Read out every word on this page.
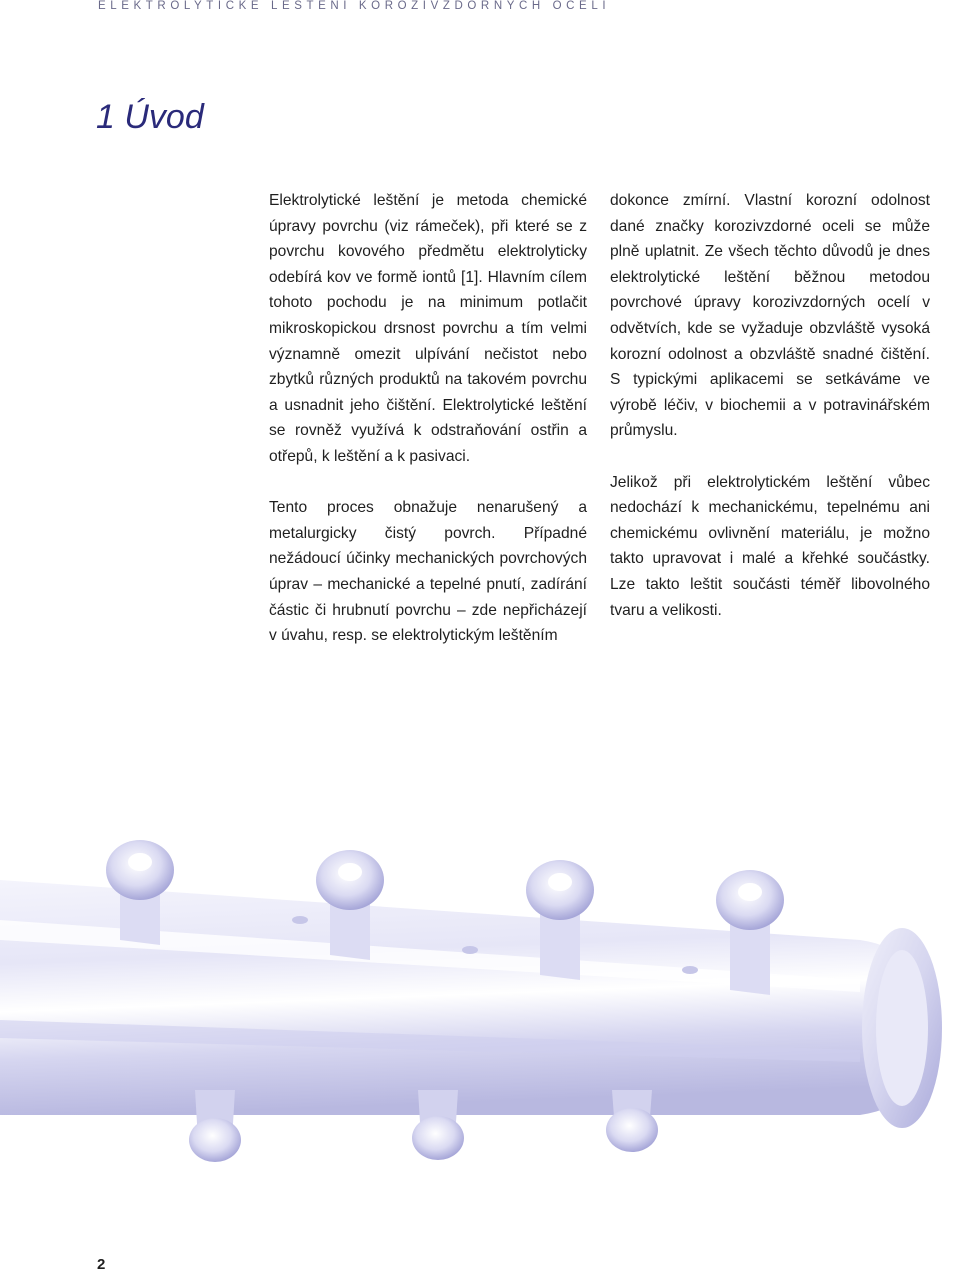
ELEKTROLYTICKÉ LEŠTĚNÍ KOROZIVZDORNÝCH OCELÍ
1 Úvod

Elektrolytické leštění je metoda chemické úpravy povrchu (viz rámeček), při které se z povrchu kovového předmětu elektrolyticky odebírá kov ve formě iontů [1]. Hlavním cílem tohoto pochodu je na minimum potlačit mikroskopickou drsnost povrchu a tím velmi významně omezit ulpívání nečistot nebo zbytků různých produktů na takovém povrchu a usnadnit jeho čištění. Elektrolytické leštění se rovněž využívá k odstraňování ostřin a otřepů, k leštění a k pasivaci.

Tento proces obnažuje nenarušený a metalurgicky čistý povrch. Případné nežádoucí účinky mechanických povrchových úprav – mechanické a tepelné pnutí, zadírání částic či hrubnutí povrchu – zde nepřicházejí v úvahu, resp. se elektrolytickým leštěním

dokonce zmírní. Vlastní korozní odolnost dané značky korozivzdorné oceli se může plně uplatnit. Ze všech těchto důvodů je dnes elektrolytické leštění běžnou metodou povrchové úpravy korozivzdorných ocelí v odvětvích, kde se vyžaduje obzvláště vysoká korozní odolnost a obzvláště snadné čištění. S typickými aplikacemi se setkáváme ve výrobě léčiv, v biochemii a v potravinářském průmyslu.

Jelikož při elektrolytickém leštění vůbec nedochází k mechanickému, tepelnému ani chemickému ovlivnění materiálu, je možno takto upravovat i malé a křehké součástky. Lze takto leštit součásti téměř libovolného tvaru a velikosti.

2
